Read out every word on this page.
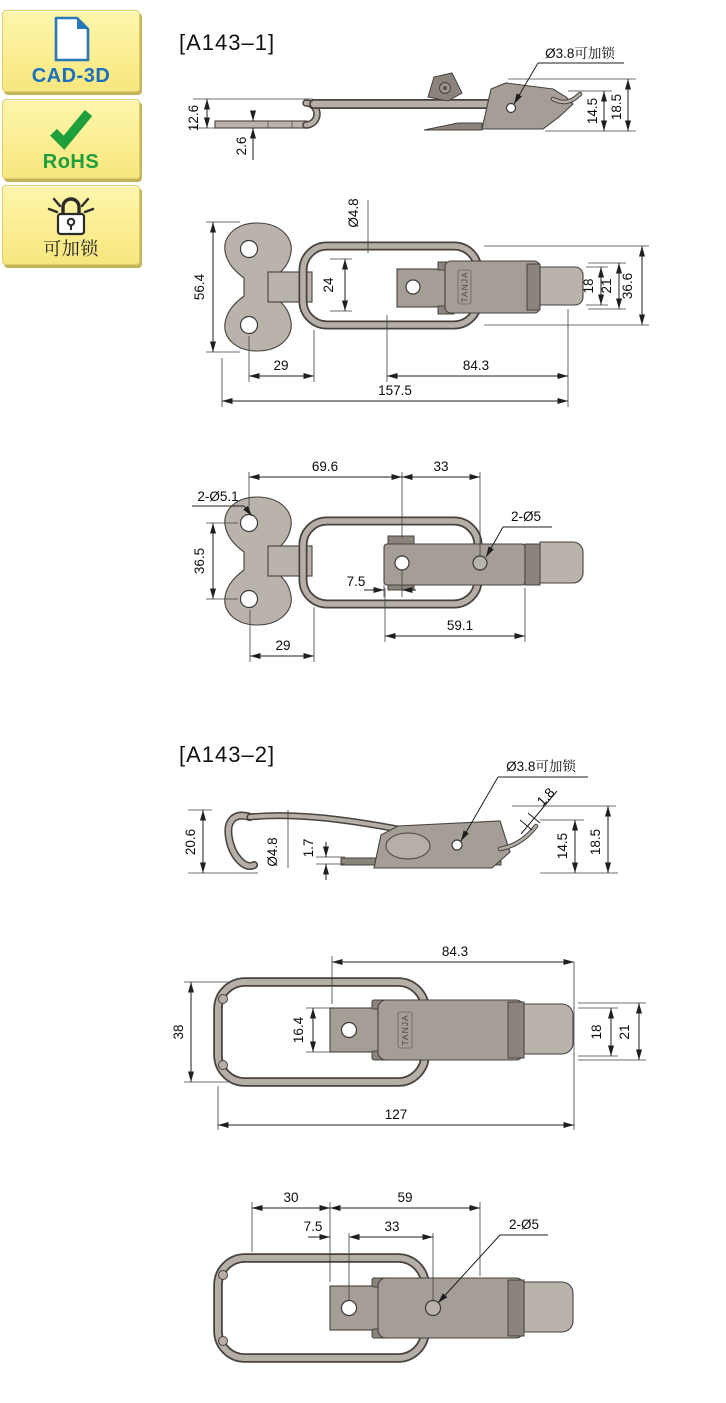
CAD-3D
RoHS
可加锁
[A143–1]
[A143–2]
12.6
2.6
Ø3.8可加锁
14.5 18.5
TANJA
Ø4.8
56.4	24	18 21 36.6
29	84.3
157.5
69.6	33
2-Ø5.1
36.5
7.5
2-Ø5
59.1
29
20.6	Ø4.8 1.7
Ø3.8可加锁
1.8
14.5 18.5
TANJA
84.3
38	16.4	18 21
127
30	59
7.5	33	2-Ø5
